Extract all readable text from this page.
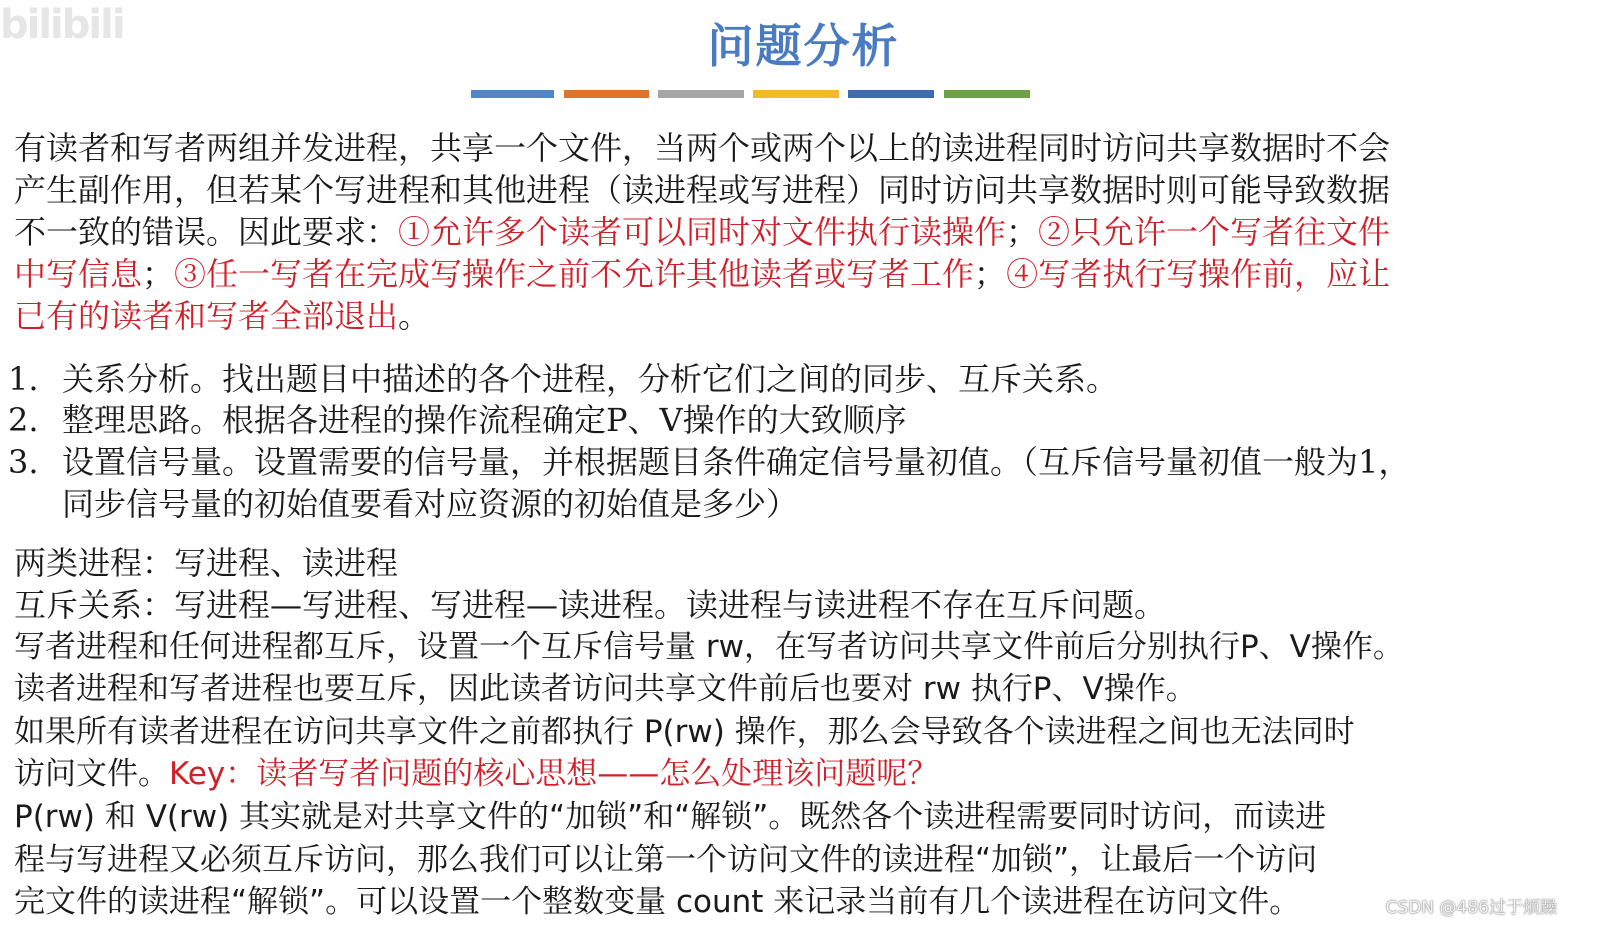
bilibili	问题分析
有读者和写者两组并发进程，共享一个文件，当两个或两个以上的读进程同时访问共享数据时不会
产生副作用，但若某个写进程和其他进程（读进程或写进程）同时访问共享数据时则可能导致数据
不一致的错误。因此要求：①允许多个读者可以同时对文件执行读操作；②只允许一个写者往文件
中写信息；③任一写者在完成写操作之前不允许其他读者或写者工作；④写者执行写操作前，应让
已有的读者和写者全部退出。
1. 关系分析。找出题目中描述的各个进程，分析它们之间的同步、互斥关系。
2. 整理思路。根据各进程的操作流程确定P、V操作的大致顺序
3. 设置信号量。设置需要的信号量，并根据题目条件确定信号量初值。（互斥信号量初值一般为1，
同步信号量的初始值要看对应资源的初始值是多少）
两类进程：写进程、读进程
互斥关系：写进程—写进程、写进程—读进程。读进程与读进程不存在互斥问题。
写者进程和任何进程都互斥，设置一个互斥信号量 rw，在写者访问共享文件前后分别执行P、V操作。
读者进程和写者进程也要互斥，因此读者访问共享文件前后也要对 rw 执行P、V操作。
如果所有读者进程在访问共享文件之前都执行 P(rw) 操作，那么会导致各个读进程之间也无法同时
访问文件。Key：读者写者问题的核心思想——怎么处理该问题呢？
P(rw) 和 V(rw) 其实就是对共享文件的“加锁”和“解锁”。既然各个读进程需要同时访问，而读进
程与写进程又必须互斥访问，那么我们可以让第一个访问文件的读进程“加锁”，让最后一个访问
完文件的读进程“解锁”。可以设置一个整数变量 count 来记录当前有几个读进程在访问文件。	CSDN @486过于烦躁
